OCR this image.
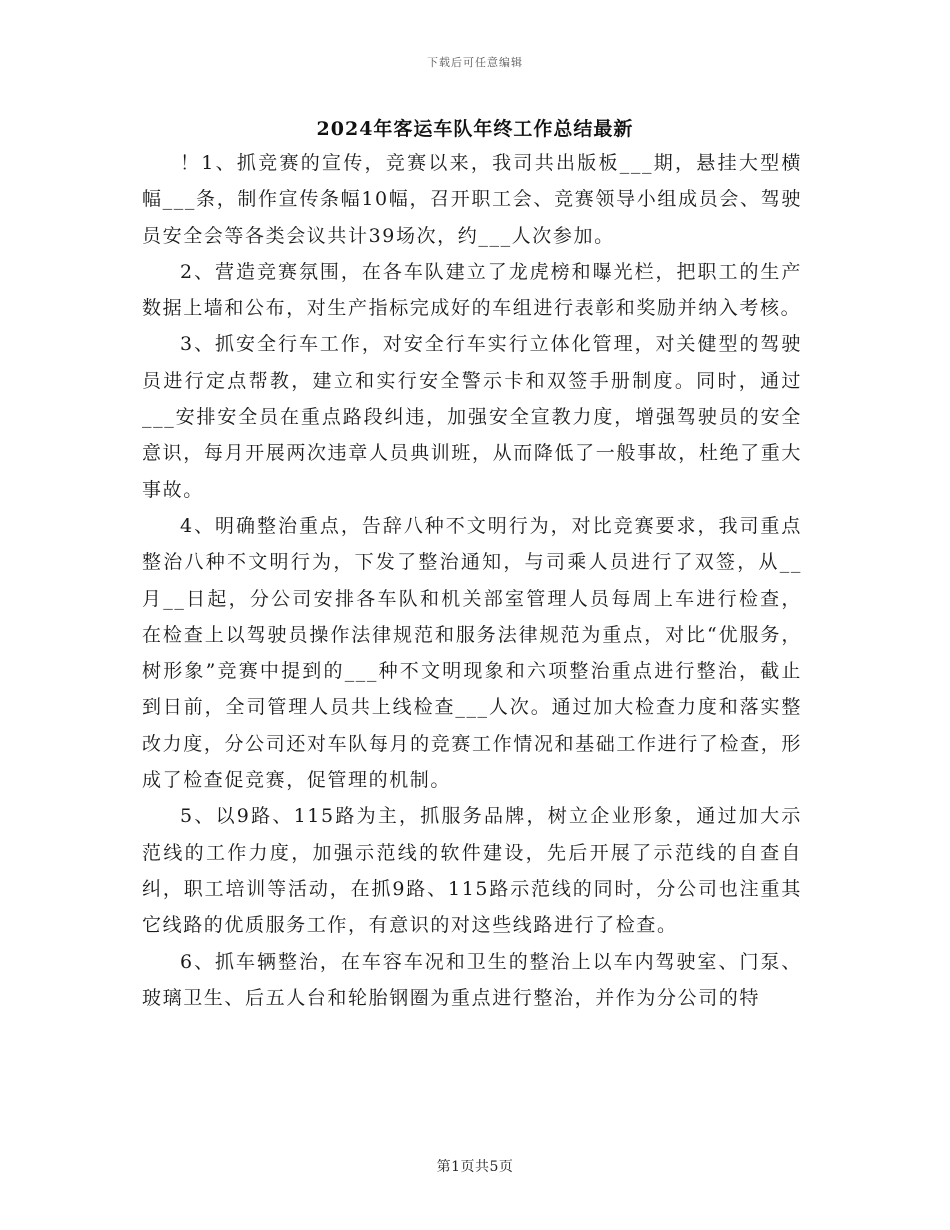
下载后可任意编辑
2024年客运车队年终工作总结最新

！1、抓竞赛的宣传，竞赛以来，我司共出版板___期，悬挂大型横幅___条，制作宣传条幅10幅，召开职工会、竞赛领导小组成员会、驾驶员安全会等各类会议共计39场次，约___人次参加。

2、营造竞赛氛围，在各车队建立了龙虎榜和曝光栏，把职工的生产数据上墙和公布，对生产指标完成好的车组进行表彰和奖励并纳入考核。

3、抓安全行车工作，对安全行车实行立体化管理，对关健型的驾驶员进行定点帮教，建立和实行安全警示卡和双签手册制度。同时，通过___安排安全员在重点路段纠违，加强安全宣教力度，增强驾驶员的安全意识，每月开展两次违章人员典训班，从而降低了一般事故，杜绝了重大事故。

4、明确整治重点，告辞八种不文明行为，对比竞赛要求，我司重点整治八种不文明行为，下发了整治通知，与司乘人员进行了双签，从__月__日起，分公司安排各车队和机关部室管理人员每周上车进行检查，在检查上以驾驶员操作法律规范和服务法律规范为重点，对比“优服务，树形象”竞赛中提到的___种不文明现象和六项整治重点进行整治，截止到日前，全司管理人员共上线检查___人次。通过加大检查力度和落实整改力度，分公司还对车队每月的竞赛工作情况和基础工作进行了检查，形成了检查促竞赛，促管理的机制。

5、以9路、115路为主，抓服务品牌，树立企业形象，通过加大示范线的工作力度，加强示范线的软件建设，先后开展了示范线的自查自纠，职工培训等活动，在抓9路、115路示范线的同时，分公司也注重其它线路的优质服务工作，有意识的对这些线路进行了检查。

6、抓车辆整治，在车容车况和卫生的整治上以车内驾驶室、门泵、玻璃卫生、后五人台和轮胎钢圈为重点进行整治，并作为分公司的特

第1页共5页
